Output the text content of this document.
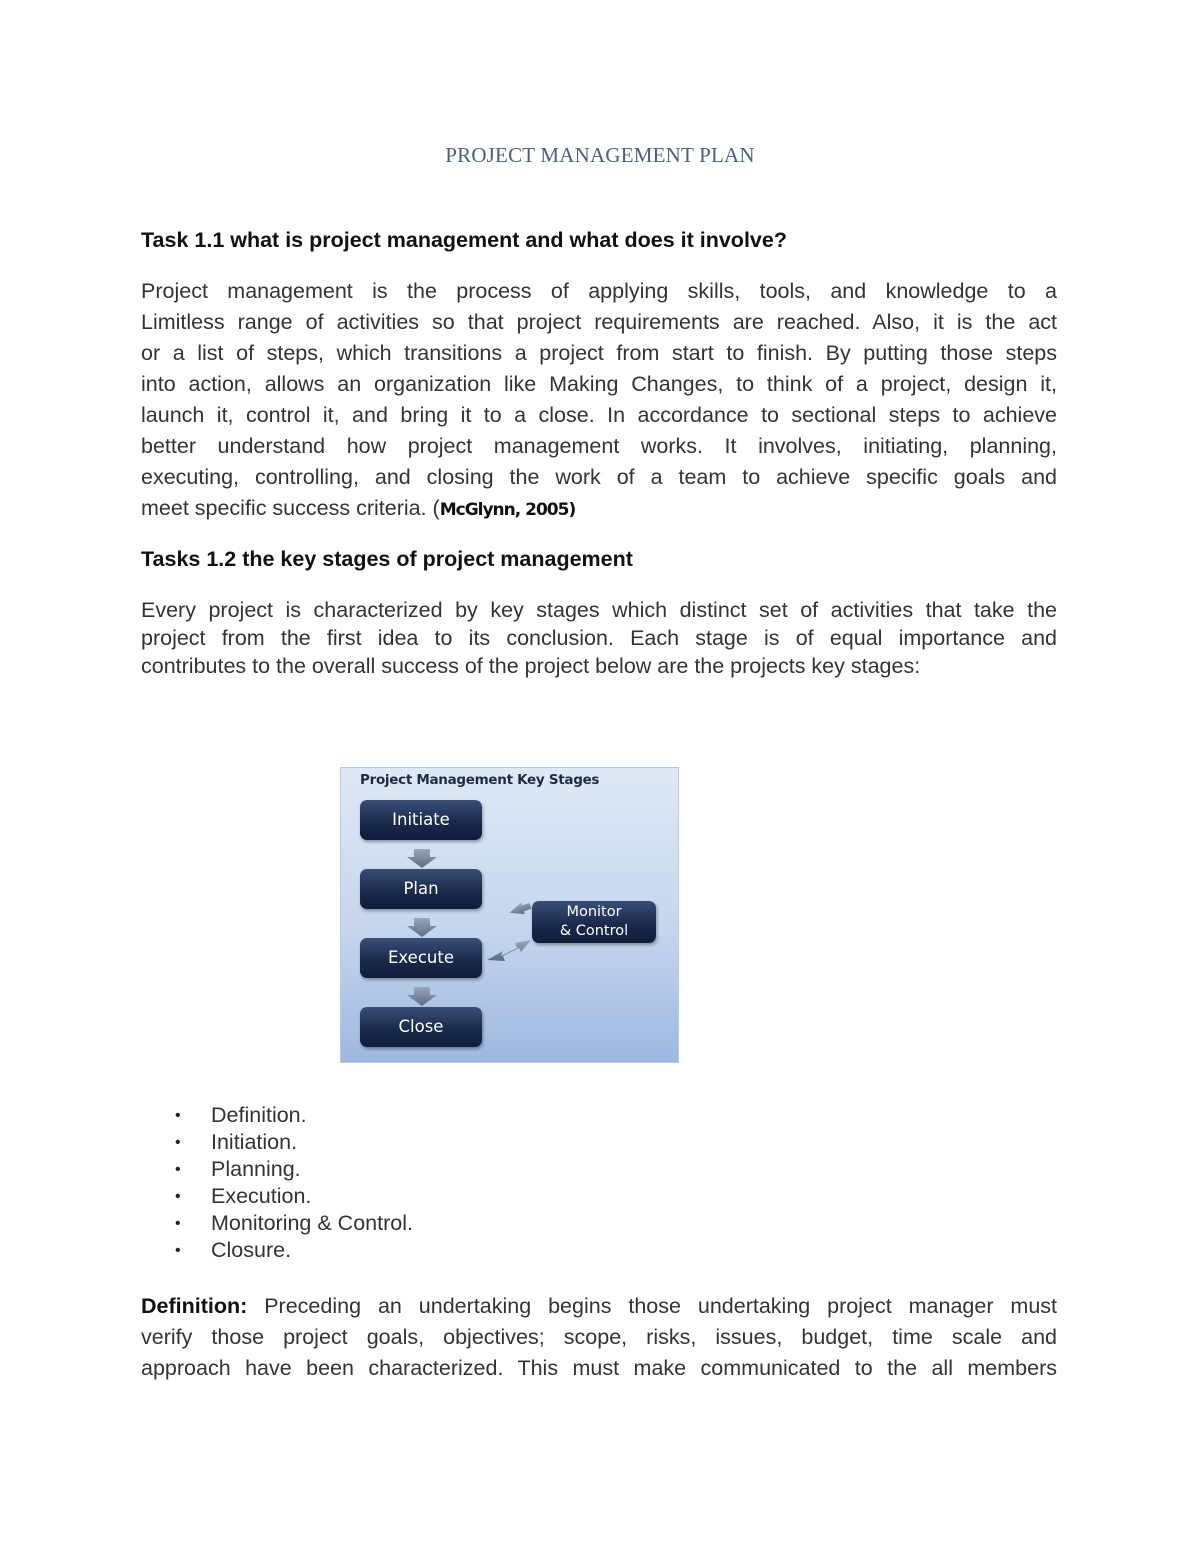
PROJECT MANAGEMENT PLAN
Task 1.1 what is project management and what does it involve?
Project management is the process of applying skills, tools, and knowledge to a
Limitless range of activities so that project requirements are reached. Also, it is the act
or a list of steps, which transitions a project from start to finish. By putting those steps
into action, allows an organization like Making Changes, to think of a project, design it,
launch it, control it, and bring it to a close. In accordance to sectional steps to achieve
better understand how project management works. It involves, initiating, planning,
executing, controlling, and closing the work of a team to achieve specific goals and
meet specific success criteria. (McGlynn, 2005)
Tasks 1.2 the key stages of project management
Every project is characterized by key stages which distinct set of activities that take the
project from the first idea to its conclusion. Each stage is of equal importance and
contributes to the overall success of the project below are the projects key stages:
Project Management Key Stages
Initiate
Plan
Execute
Close
Monitor
& Control
• Definition.
• Initiation.
• Planning.
• Execution.
• Monitoring & Control.
• Closure.
Definition: Preceding an undertaking begins those undertaking project manager must
verify those project goals, objectives; scope, risks, issues, budget, time scale and
approach have been characterized. This must make communicated to the all members
